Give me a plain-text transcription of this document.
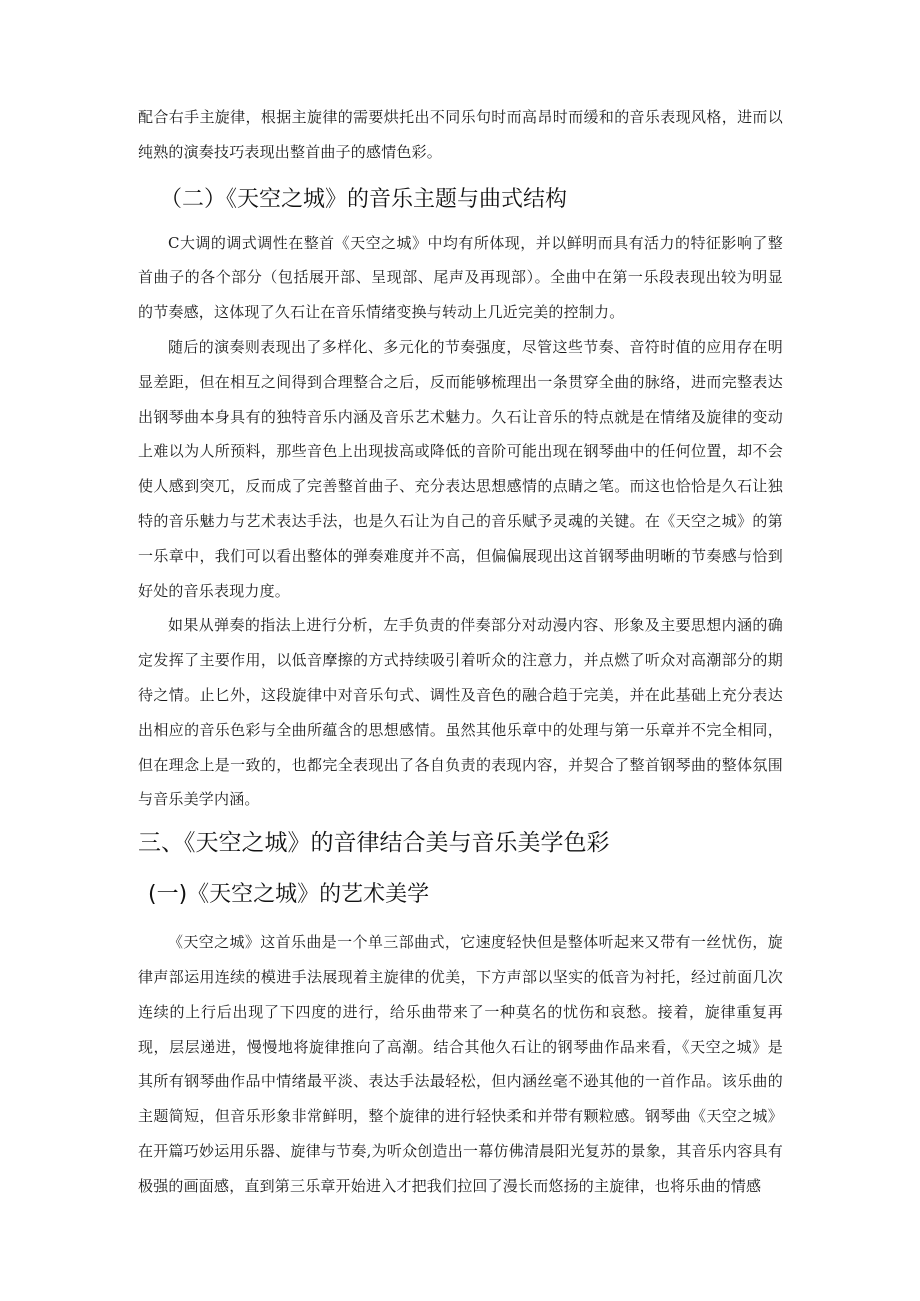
配合右手主旋律，根据主旋律的需要烘托出不同乐句时而高昂时而缓和的音乐表现风格，进而以纯熟的演奏技巧表现出整首曲子的感情色彩。

（二）《天空之城》的音乐主题与曲式结构

C大调的调式调性在整首《天空之城》中均有所体现，并以鲜明而具有活力的特征影响了整首曲子的各个部分（包括展开部、呈现部、尾声及再现部）。全曲中在第一乐段表现出较为明显的节奏感，这体现了久石让在音乐情绪变换与转动上几近完美的控制力。

随后的演奏则表现出了多样化、多元化的节奏强度，尽管这些节奏、音符时值的应用存在明显差距，但在相互之间得到合理整合之后，反而能够梳理出一条贯穿全曲的脉络，进而完整表达出钢琴曲本身具有的独特音乐内涵及音乐艺术魅力。久石让音乐的特点就是在情绪及旋律的变动上难以为人所预料，那些音色上出现拔高或降低的音阶可能出现在钢琴曲中的任何位置，却不会使人感到突兀，反而成了完善整首曲子、充分表达思想感情的点睛之笔。而这也恰恰是久石让独特的音乐魅力与艺术表达手法，也是久石让为自己的音乐赋予灵魂的关键。在《天空之城》的第一乐章中，我们可以看出整体的弹奏难度并不高，但偏偏展现出这首钢琴曲明晰的节奏感与恰到好处的音乐表现力度。

如果从弹奏的指法上进行分析，左手负责的伴奏部分对动漫内容、形象及主要思想内涵的确定发挥了主要作用，以低音摩擦的方式持续吸引着听众的注意力，并点燃了听众对高潮部分的期待之情。止匕外，这段旋律中对音乐句式、调性及音色的融合趋于完美，并在此基础上充分表达出相应的音乐色彩与全曲所蕴含的思想感情。虽然其他乐章中的处理与第一乐章并不完全相同，但在理念上是一致的，也都完全表现出了各自负责的表现内容，并契合了整首钢琴曲的整体氛围与音乐美学内涵。

三、《天空之城》的音律结合美与音乐美学色彩
(一)《天空之城》的艺术美学

《天空之城》这首乐曲是一个单三部曲式，它速度轻快但是整体听起来又带有一丝忧伤，旋律声部运用连续的模进手法展现着主旋律的优美，下方声部以坚实的低音为衬托，经过前面几次连续的上行后出现了下四度的进行，给乐曲带来了一种莫名的忧伤和哀愁。接着，旋律重复再现，层层递进，慢慢地将旋律推向了高潮。结合其他久石让的钢琴曲作品来看，《天空之城》是其所有钢琴曲作品中情绪最平淡、表达手法最轻松，但内涵丝毫不逊其他的一首作品。该乐曲的主题简短，但音乐形象非常鲜明，整个旋律的进行轻快柔和并带有颗粒感。钢琴曲《天空之城》在开篇巧妙运用乐器、旋律与节奏,为听众创造出一幕仿佛清晨阳光复苏的景象，其音乐内容具有极强的画面感，直到第三乐章开始进入才把我们拉回了漫长而悠扬的主旋律，也将乐曲的情感
